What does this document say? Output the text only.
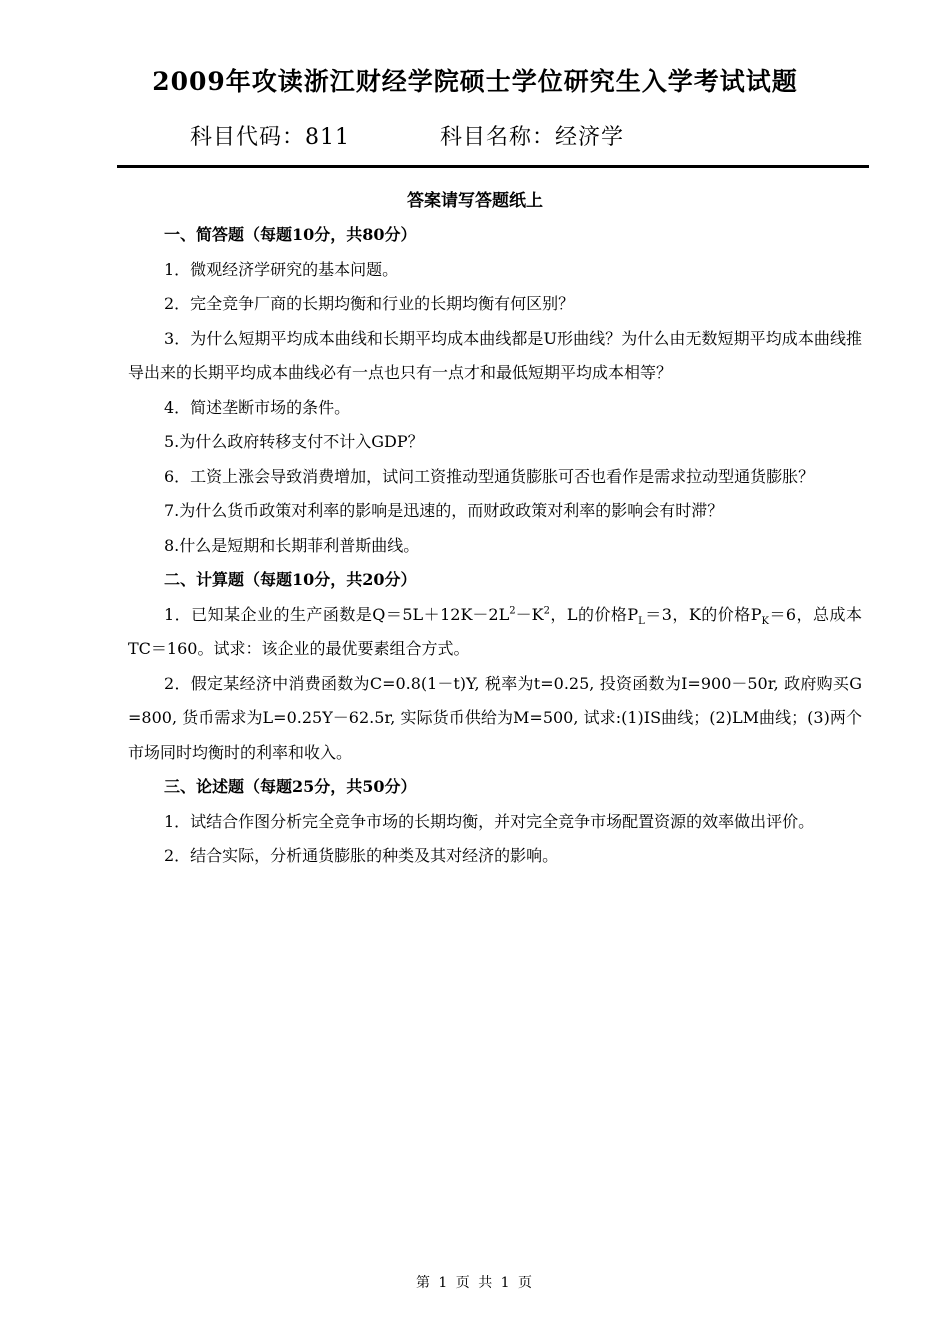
2009年攻读浙江财经学院硕士学位研究生入学考试试题
科目代码：811	科目名称：经济学
答案请写答题纸上

一、简答题（每题10分，共80分）

1．微观经济学研究的基本问题。

2．完全竞争厂商的长期均衡和行业的长期均衡有何区别？

3．为什么短期平均成本曲线和长期平均成本曲线都是U形曲线？为什么由无数短期平均成本曲线推导出来的长期平均成本曲线必有一点也只有一点才和最低短期平均成本相等？

4．简述垄断市场的条件。

5.为什么政府转移支付不计入GDP？

6．工资上涨会导致消费增加，试问工资推动型通货膨胀可否也看作是需求拉动型通货膨胀？

7.为什么货币政策对利率的影响是迅速的，而财政政策对利率的影响会有时滞？

8.什么是短期和长期菲利普斯曲线。

二、计算题（每题10分，共20分）

1．已知某企业的生产函数是$Q=5L+12K-2L^2-K^2$，L的价格$P_L=3$，K的价格$P_K=6$，总成本TC＝160。试求：该企业的最优要素组合方式。

2．假定某经济中消费函数为C=0.8(1－t)Y, 税率为t=0.25, 投资函数为I=900－50r, 政府购买G =800, 货币需求为L=0.25Y－62.5r, 实际货币供给为M=500, 试求:(1)IS曲线；(2)LM曲线；(3)两个市场同时均衡时的利率和收入。

三、论述题（每题25分，共50分）

1．试结合作图分析完全竞争市场的长期均衡，并对完全竞争市场配置资源的效率做出评价。

2．结合实际，分析通货膨胀的种类及其对经济的影响。

第 1 页 共 1 页
